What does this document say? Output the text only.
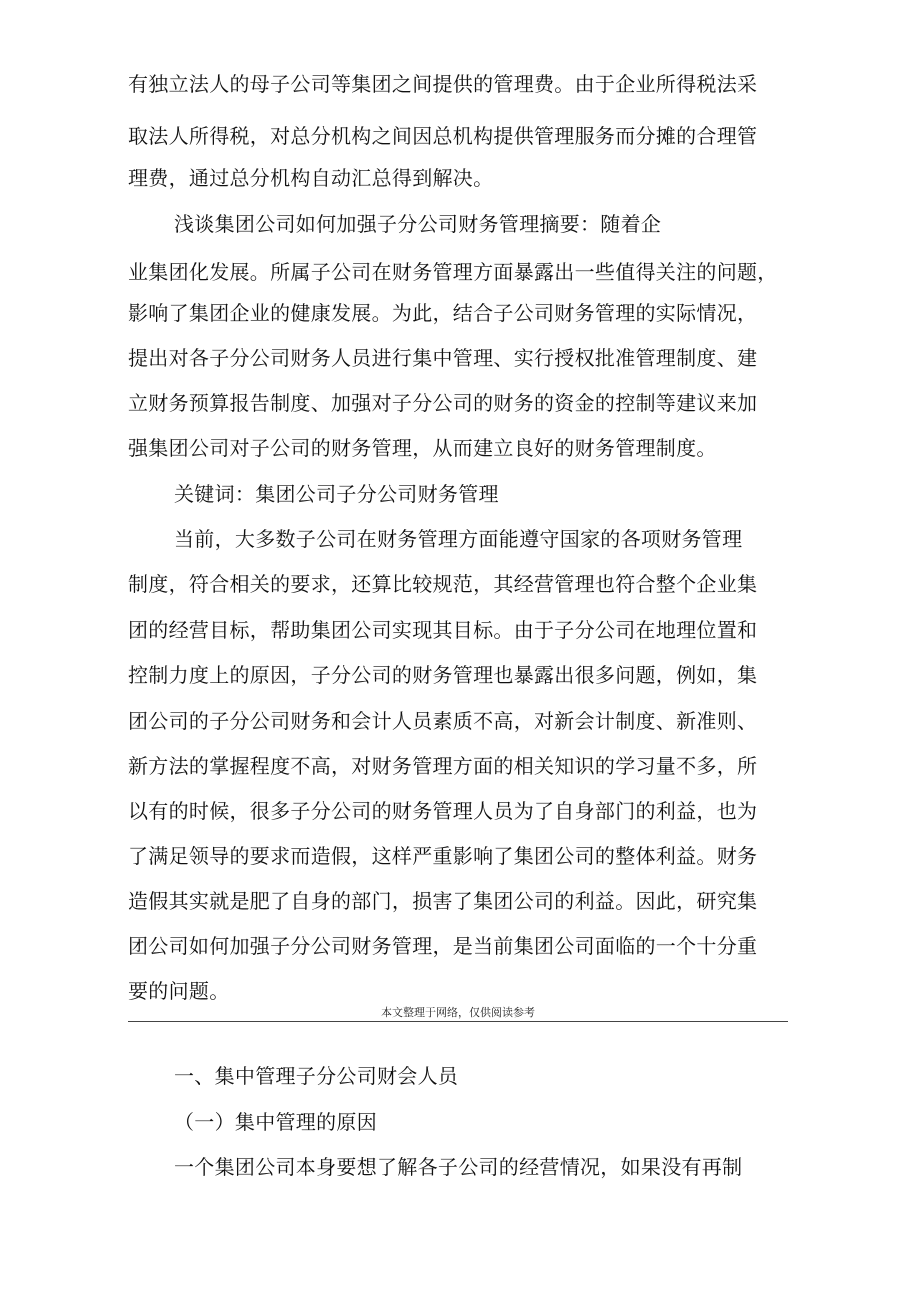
有独立法人的母子公司等集团之间提供的管理费。由于企业所得税法采
取法人所得税，对总分机构之间因总机构提供管理服务而分摊的合理管
理费，通过总分机构自动汇总得到解决。
浅谈集团公司如何加强子分公司财务管理摘要：随着企
业集团化发展。所属子公司在财务管理方面暴露出一些值得关注的问题，
影响了集团企业的健康发展。为此，结合子公司财务管理的实际情况，
提出对各子分公司财务人员进行集中管理、实行授权批准管理制度、建
立财务预算报告制度、加强对子分公司的财务的资金的控制等建议来加
强集团公司对子公司的财务管理，从而建立良好的财务管理制度。
关键词：集团公司子分公司财务管理
当前，大多数子公司在财务管理方面能遵守国家的各项财务管理
制度，符合相关的要求，还算比较规范，其经营管理也符合整个企业集
团的经营目标，帮助集团公司实现其目标。由于子分公司在地理位置和
控制力度上的原因，子分公司的财务管理也暴露出很多问题，例如，集
团公司的子分公司财务和会计人员素质不高，对新会计制度、新准则、
新方法的掌握程度不高，对财务管理方面的相关知识的学习量不多，所
以有的时候，很多子分公司的财务管理人员为了自身部门的利益，也为
了满足领导的要求而造假，这样严重影响了集团公司的整体利益。财务
造假其实就是肥了自身的部门，损害了集团公司的利益。因此，研究集
团公司如何加强子分公司财务管理，是当前集团公司面临的一个十分重
要的问题。
本文整理于网络，仅供阅读参考
一、集中管理子分公司财会人员
（一）集中管理的原因
一个集团公司本身要想了解各子公司的经营情况，如果没有再制
